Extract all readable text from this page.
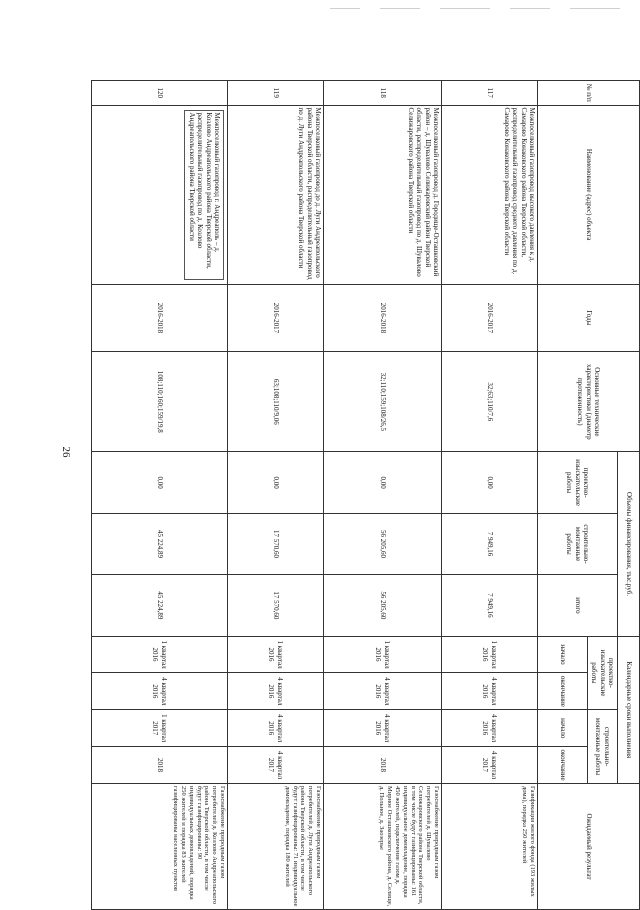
26
№ п/п	Наименование (адрес) объекта	Годы	Основные технические характеристики (диаметр протяженность)	Объемы финансирования, тыс.руб.			Календарные сроки выполнения				Ожидаемый результат
				проектно-изыскательские работы	строительно-монтажные работы	итого	проектно-изыскательские работы		строительно-монтажные работы		
							начало	окончание	начало	окончание	
117	Межпоселковый газопровод высокого давления к д. Самарово Конаковского района Тверской области, распределительный газопровод среднего давления по д. Самарово Конаковского района Тверской области	2016-2017	32;63;110/7,6	0,00	7 949,16	7 949,16	1 квартал 2016	4 квартал 2016	4 квартал 2016	4 квартал 2017	Газификация жилого фонда (193 жилых дома), порядка 250 жителей
118	Межпоселковый газопровод д. Городище-Осташковский район – д. Шувалово Селижаровский район Тверской области, распределительный газопровод по д. Шувалово Селижаровского района Тверской области	2016-2018	32;110;159;108/26,5	0,00	56 205,60	56 205,60	1 квартал 2016	4 квартал 2016	4 квартал 2016	2018	Газоснабжение природным газом потребителей д. Шувалово Селижаровского района Тверской области, в том числе будут газифицированы: 161 индивидуальное домовладение, порядка 450 жителей, подключение газом д. Мирное Осташковского района, д. Селище, д. Польное, д. Заозерье
119	Межпоселковый газопровод до д. Луги Андреапольского района Тверской области, распределительный газопровод по д. Луги Андреапольского района Тверской области	2016-2017	63;108;110/9,06	0,00	17 570,60	17 570,60	1 квартал 2016	4 квартал 2016	4 квартал 2016	4 квартал 2017	Газоснабжение природным газом потребителей д. Луги Андреапольского района Тверской области, в том числе будут газифицированы: 71 индивидуальное домовладение, порядка 180 жителей
120	Межпоселковый газопровод г. Андреаполь – д. Козлово Андреапольского района Тверской области, распределительный газопровод по д. Козлово Андреапольского района Тверской области	2016-2018	108;110;160;159/19,8	0,00	45 224,89	45 224,89	1 квартал 2016	4 квартал 2016	1 квартал 2017	2018	Газоснабжение природным газом потребителей д. Козлово Андреапольского района Тверской области, в том числе будут газифицированы: 90 индивидуальных домовладений, порядка 250 жителей и порядка 83 жителей газифицированы населенных пунктов
